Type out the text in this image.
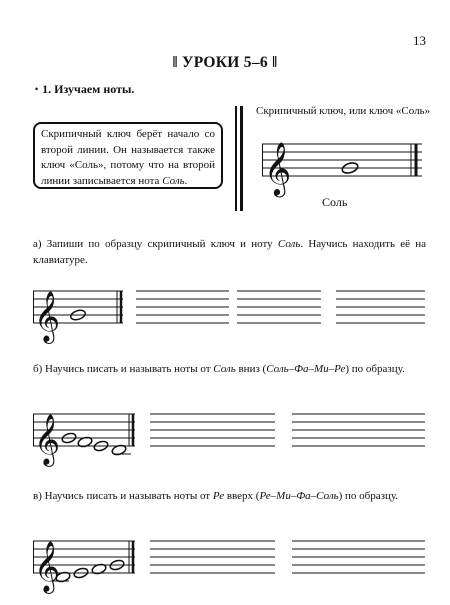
13
‖ УРОКИ 5–6 ‖
• 1. Изучаем ноты.
Скрипичный ключ берёт начало со второй линии. Он называется также ключ «Соль», потому что на второй линии записывается нота Соль.
Скрипичный ключ, или ключ «Соль»
𝄞
Соль
а) Запиши по образцу скрипичный ключ и ноту Соль. Научись находить её на клавиатуре.
𝄞
б) Научись писать и называть ноты от Соль вниз (Соль–Фа–Ми–Ре) по образцу.
𝄞
в) Научись писать и называть ноты от Ре вверх (Ре–Ми–Фа–Соль) по образцу.
𝄞
